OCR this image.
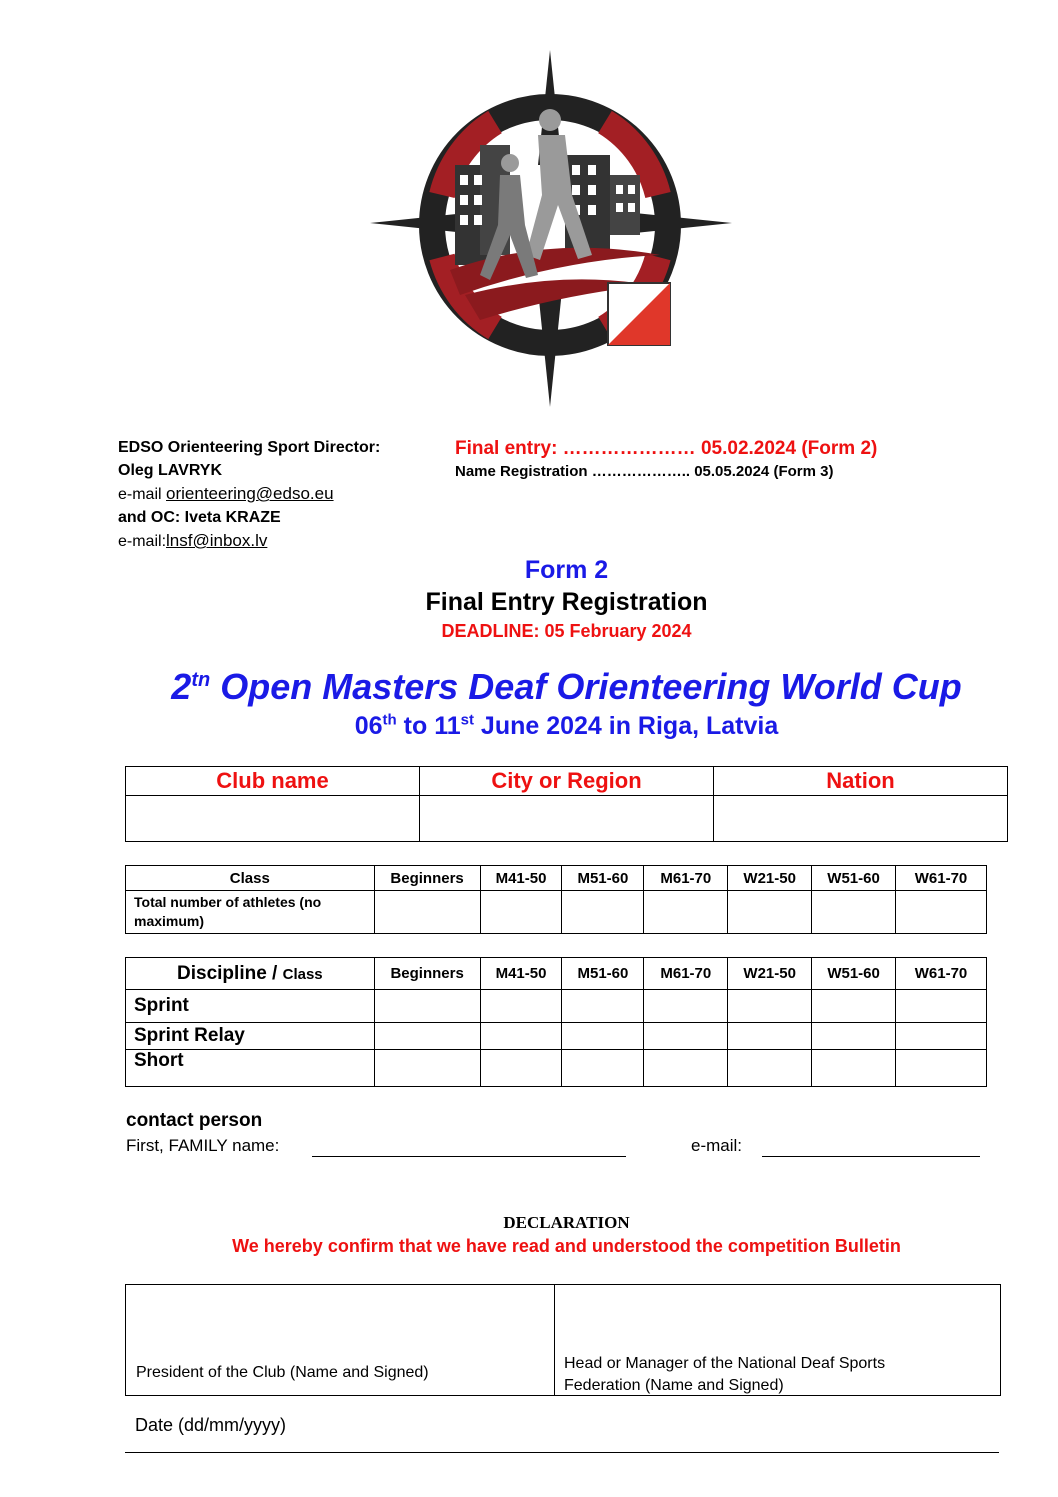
EDSO Orienteering Sport Director:
Oleg LAVRYK
e-mail orienteering@edso.eu
and OC: Iveta KRAZE
e-mail:lnsf@inbox.lv
Final entry: ………………… 05.02.2024 (Form 2)
Name Registration ……………….. 05.05.2024 (Form 3)
Form 2
Final Entry Registration
DEADLINE: 05 February 2024
$2^{tn}$ Open Masters Deaf Orienteering World Cup
06th to 11st June 2024 in Riga, Latvia
Club name	City or Region	Nation

Class	Beginners	M41-50	M51-60	M61-70	W21-50	W51-60	W61-70
Total number of athletes (no maximum)							
Discipline / Class	Beginners	M41-50	M51-60	M61-70	W21-50	W51-60	W61-70
Sprint							
Sprint Relay							
Short							
contact person
First, FAMILY name:	e-mail:
DECLARATION
We hereby confirm that we have read and understood the competition Bulletin
President of the Club (Name and Signed)
Head or Manager of the National Deaf Sports Federation (Name and Signed)
Date (dd/mm/yyyy)
